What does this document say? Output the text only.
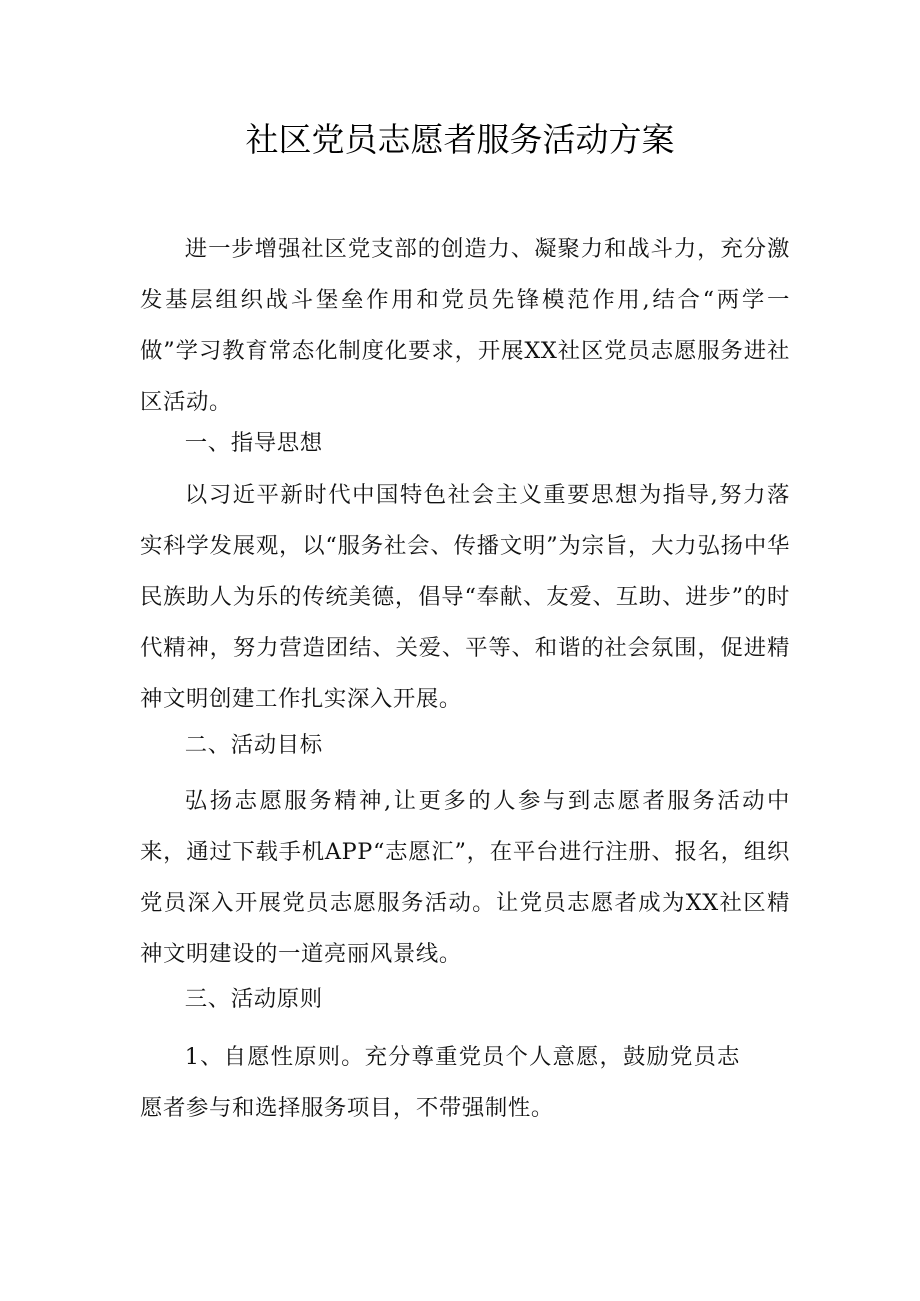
社区党员志愿者服务活动方案

进一步增强社区党支部的创造力、凝聚力和战斗力，充分激发基层组织战斗堡垒作用和党员先锋模范作用,结合“两学一做”学习教育常态化制度化要求，开展XX社区党员志愿服务进社区活动。

一、指导思想

以习近平新时代中国特色社会主义重要思想为指导,努力落实科学发展观，以“服务社会、传播文明”为宗旨，大力弘扬中华民族助人为乐的传统美德，倡导“奉献、友爱、互助、进步”的时代精神，努力营造团结、关爱、平等、和谐的社会氛围，促进精神文明创建工作扎实深入开展。

二、活动目标

弘扬志愿服务精神,让更多的人参与到志愿者服务活动中来，通过下载手机APP“志愿汇”，在平台进行注册、报名，组织党员深入开展党员志愿服务活动。让党员志愿者成为XX社区精神文明建设的一道亮丽风景线。

三、活动原则

1、自愿性原则。充分尊重党员个人意愿，鼓励党员志愿者参与和选择服务项目，不带强制性。
